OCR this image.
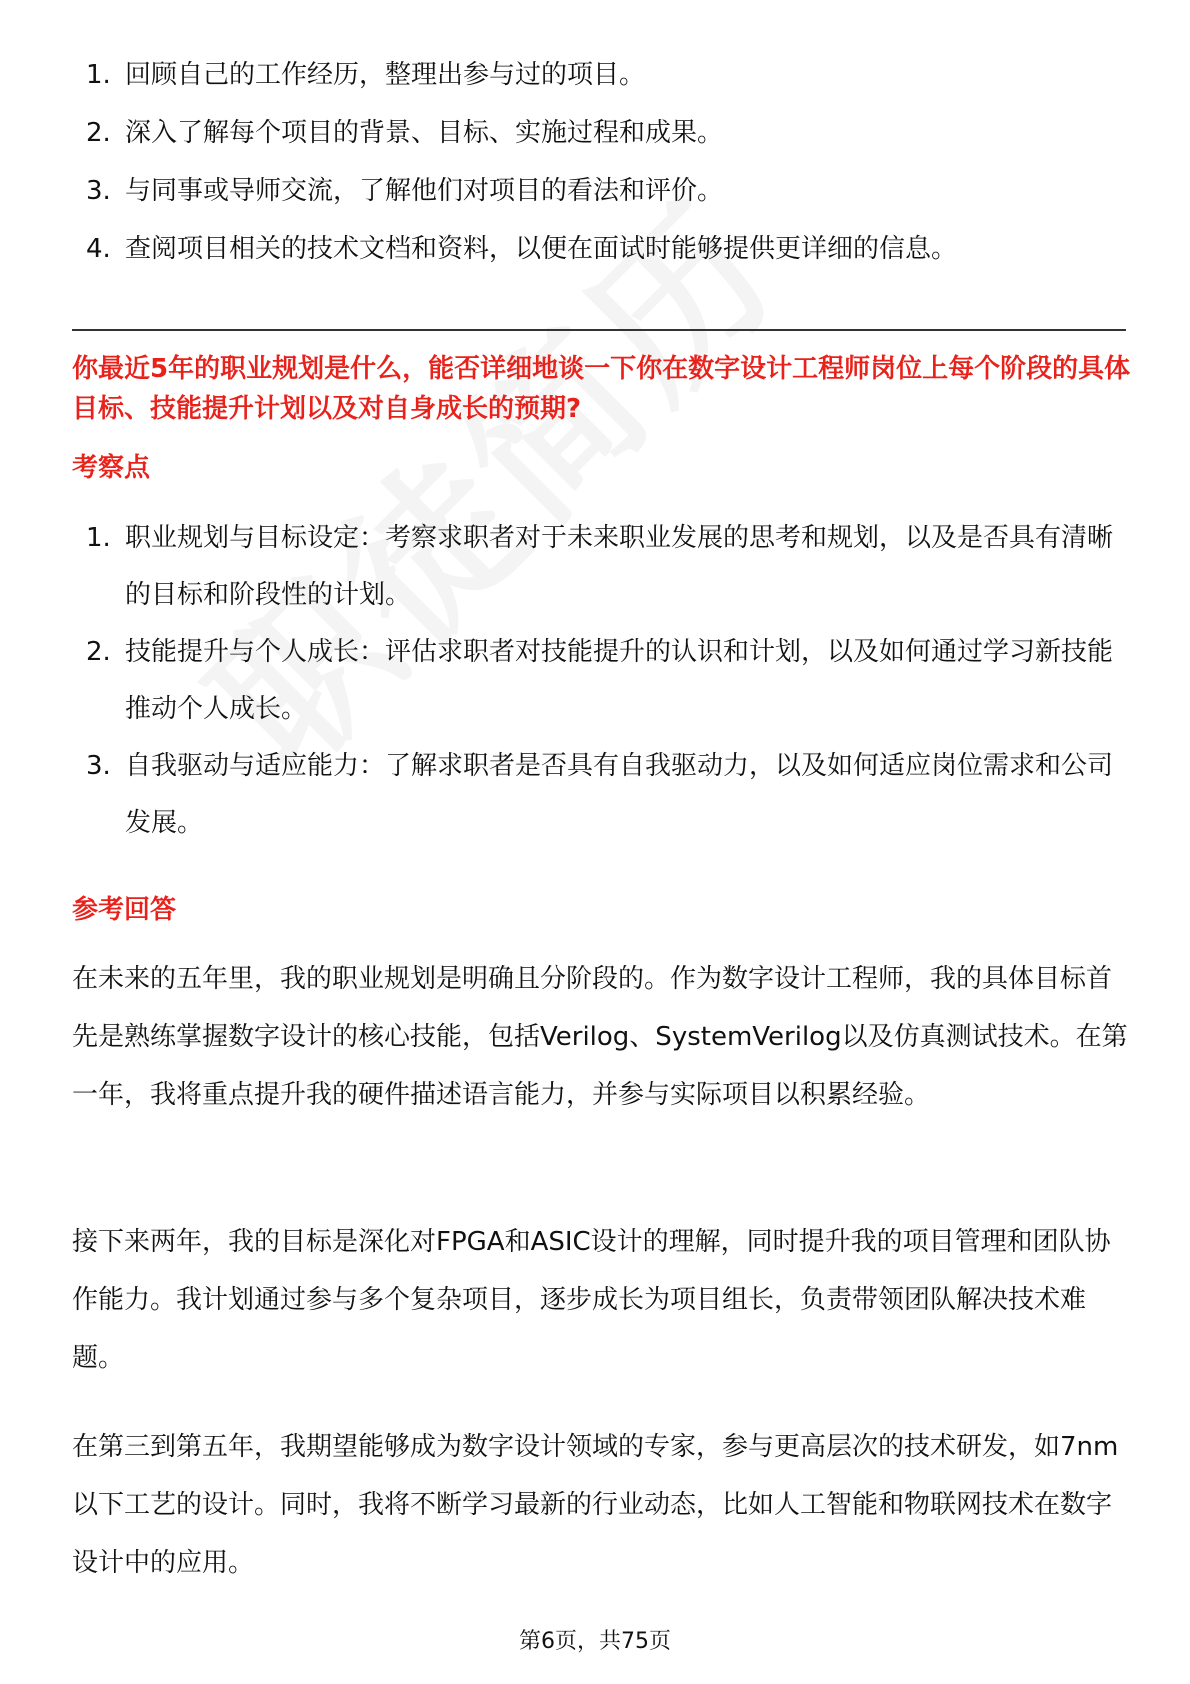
1. 回顾自己的工作经历，整理出参与过的项目。
2. 深入了解每个项目的背景、目标、实施过程和成果。
3. 与同事或导师交流，了解他们对项目的看法和评价。
4. 查阅项目相关的技术文档和资料，以便在面试时能够提供更详细的信息。
你最近5年的职业规划是什么，能否详细地谈一下你在数字设计工程师岗位上每个阶段的具体目标、技能提升计划以及对自身成长的预期?
考察点
1. 职业规划与目标设定：考察求职者对于未来职业发展的思考和规划，以及是否具有清晰的目标和阶段性的计划。
2. 技能提升与个人成长：评估求职者对技能提升的认识和计划，以及如何通过学习新技能推动个人成长。
3. 自我驱动与适应能力：了解求职者是否具有自我驱动力，以及如何适应岗位需求和公司发展。
参考回答

在未来的五年里，我的职业规划是明确且分阶段的。作为数字设计工程师，我的具体目标首先是熟练掌握数字设计的核心技能，包括Verilog、SystemVerilog以及仿真测试技术。在第一年，我将重点提升我的硬件描述语言能力，并参与实际项目以积累经验。

接下来两年，我的目标是深化对FPGA和ASIC设计的理解，同时提升我的项目管理和团队协作能力。我计划通过参与多个复杂项目，逐步成长为项目组长，负责带领团队解决技术难题。

在第三到第五年，我期望能够成为数字设计领域的专家，参与更高层次的技术研发，如7nm以下工艺的设计。同时，我将不断学习最新的行业动态，比如人工智能和物联网技术在数字设计中的应用。

第6页，共75页
